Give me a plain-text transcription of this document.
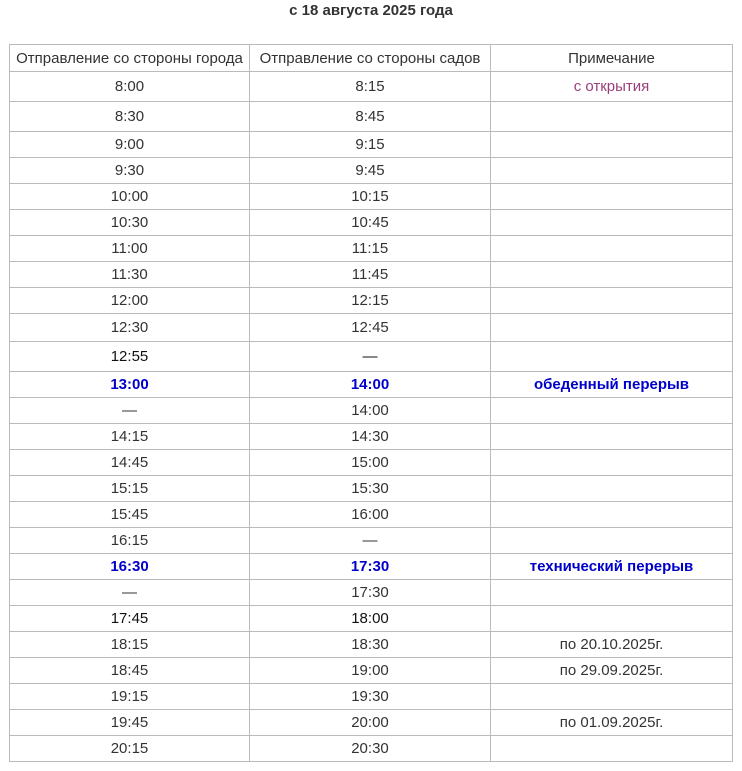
с 18 августа 2025 года
Отправление со стороны города	Отправление со стороны садов	Примечание
8:00	8:15	с открытия
8:30	8:45	
9:00	9:15	
9:30	9:45	
10:00	10:15	
10:30	10:45	
11:00	11:15	
11:30	11:45	
12:00	12:15	
12:30	12:45	
12:55	—	
13:00	14:00	обеденный перерыв
—	14:00	
14:15	14:30	
14:45	15:00	
15:15	15:30	
15:45	16:00	
16:15	—	
16:30	17:30	технический перерыв
—	17:30	
17:45	18:00	
18:15	18:30	по 20.10.2025г.
18:45	19:00	по 29.09.2025г.
19:15	19:30	
19:45	20:00	по 01.09.2025г.
20:15	20:30	
